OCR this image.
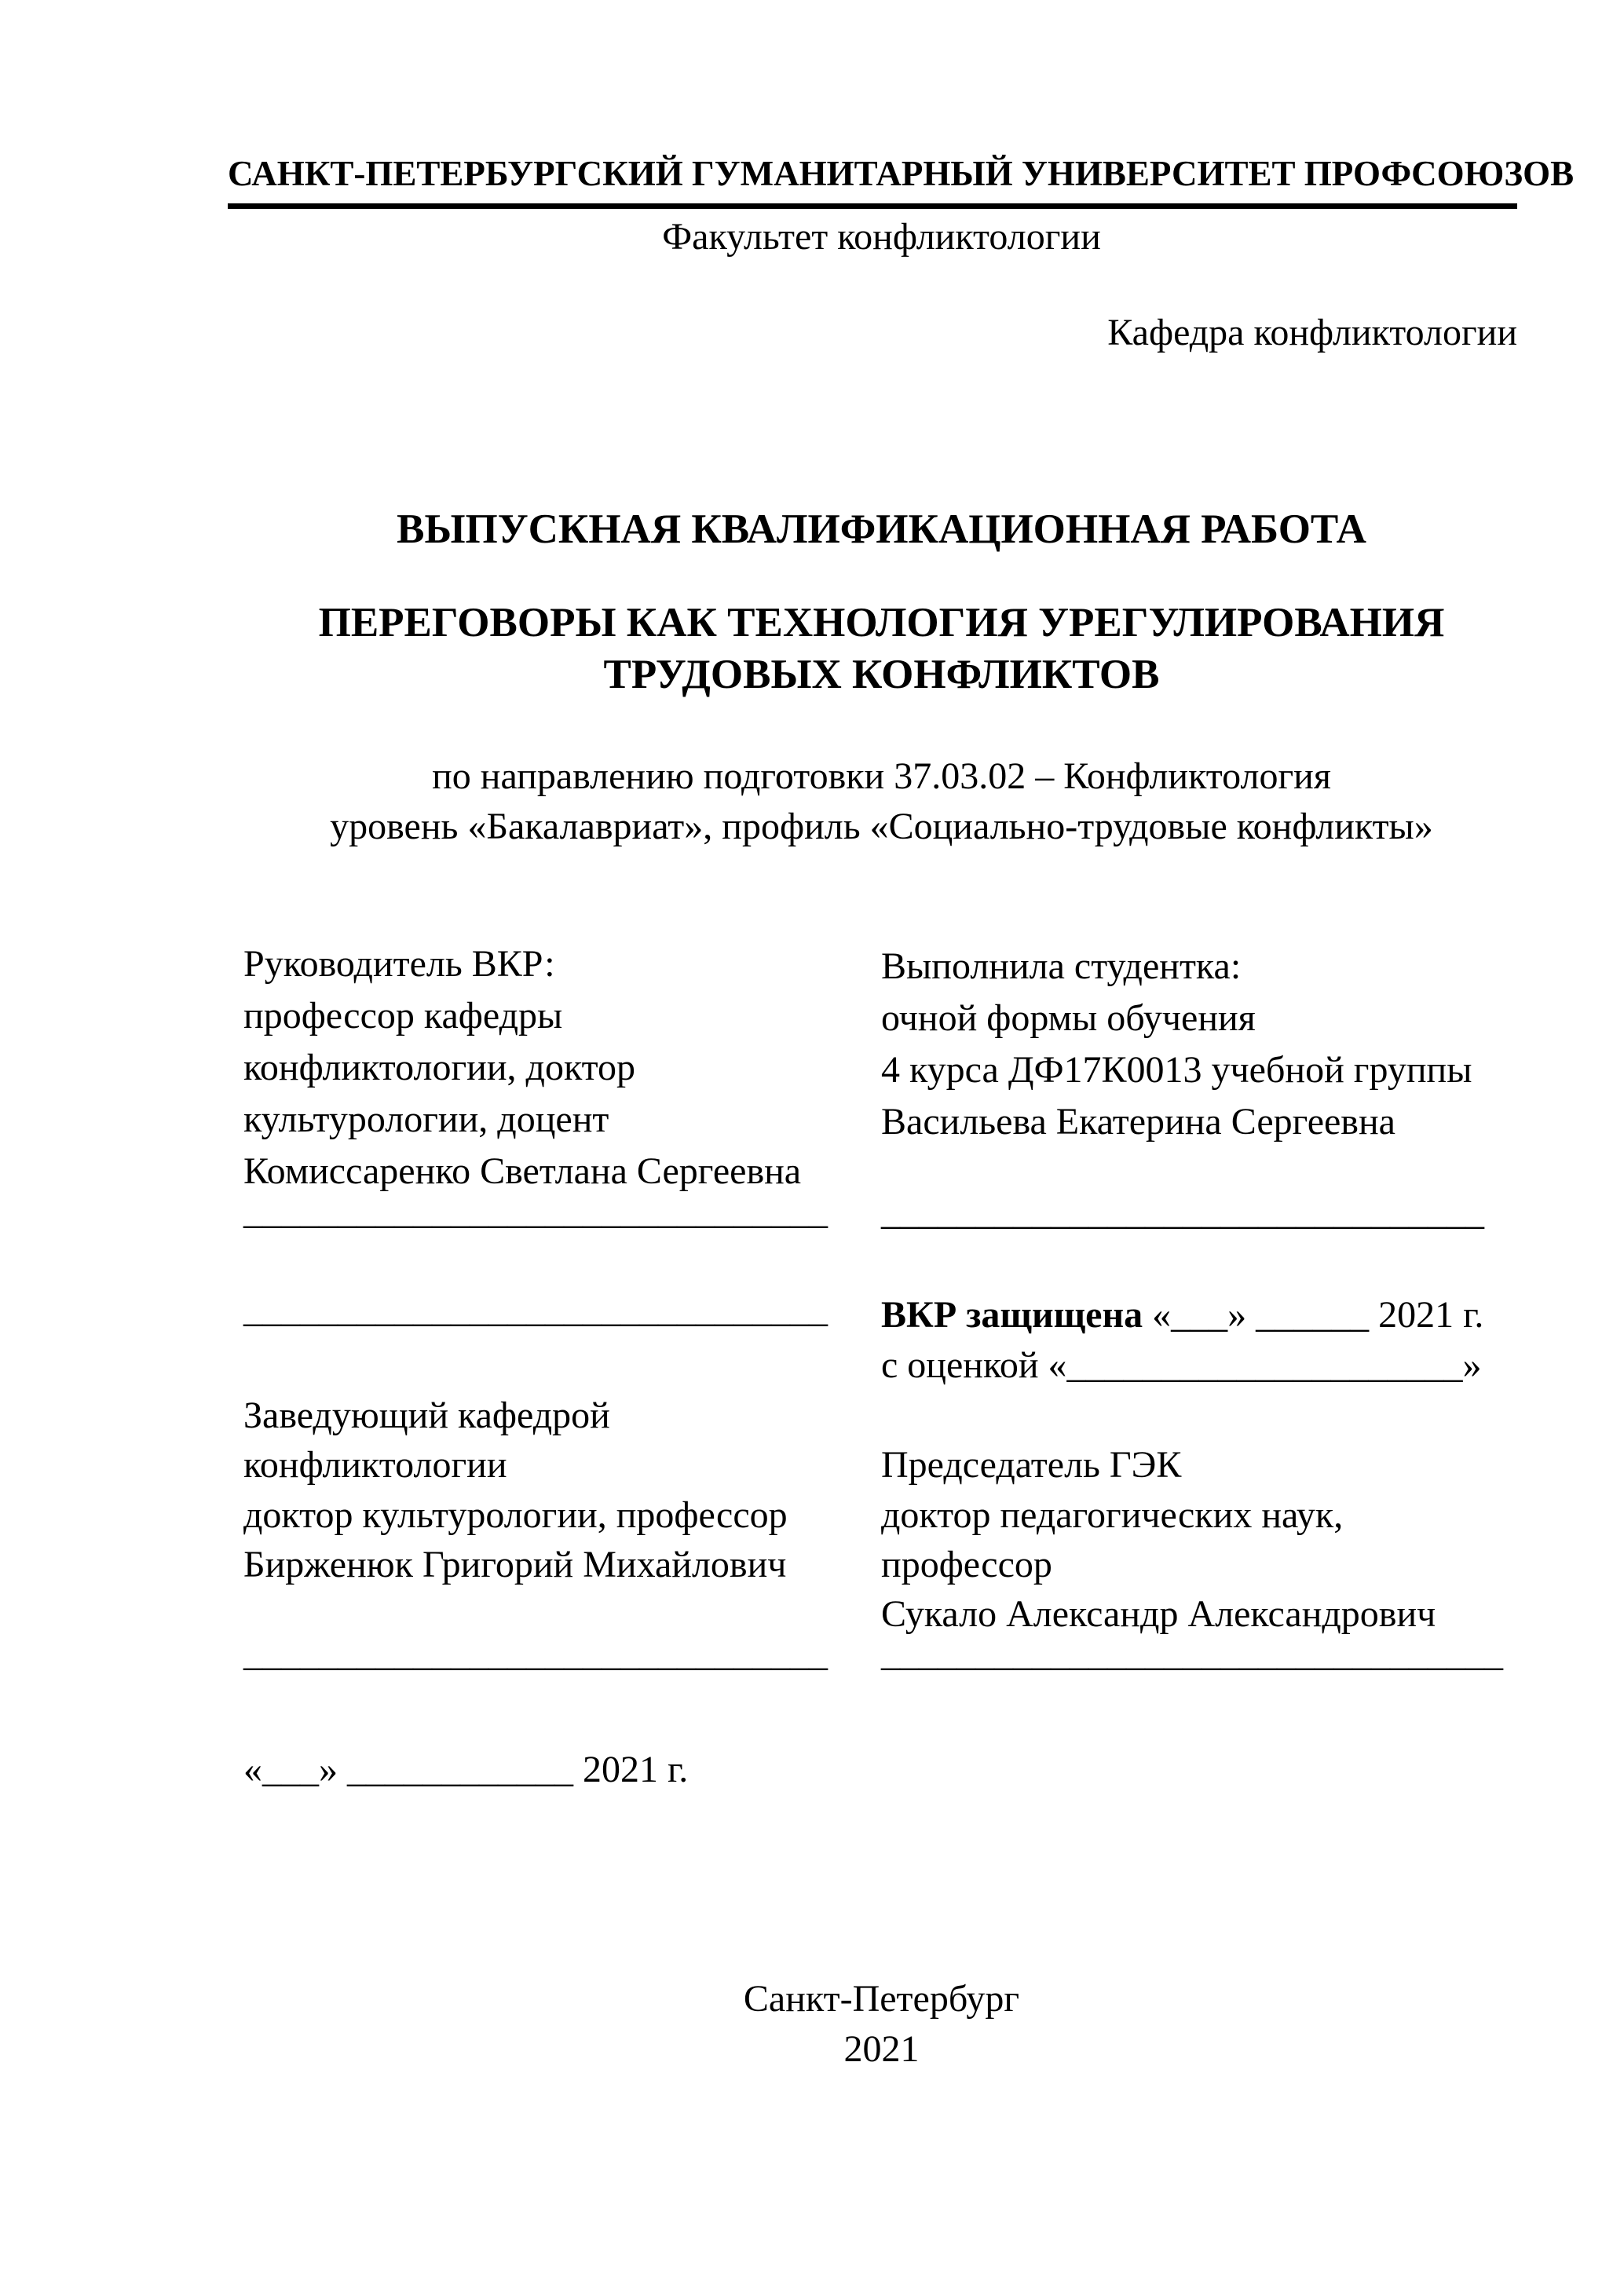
САНКТ-ПЕТЕРБУРГСКИЙ ГУМАНИТАРНЫЙ УНИВЕРСИТЕТ ПРОФСОЮЗОВ
Факультет конфликтологии
Кафедра конфликтологии
ВЫПУСКНАЯ КВАЛИФИКАЦИОННАЯ РАБОТА
ПЕРЕГОВОРЫ КАК ТЕХНОЛОГИЯ УРЕГУЛИРОВАНИЯ
ТРУДОВЫХ КОНФЛИКТОВ
по направлению подготовки 37.03.02 – Конфликтология
уровень «Бакалавриат», профиль «Социально-трудовые конфликты»
Руководитель ВКР:
профессор кафедры
конфликтологии, доктор
культурологии, доцент
Комиссаренко Светлана Сергеевна
_______________________________
_______________________________
Выполнила студентка:
очной формы обучения
4 курса ДФ17К0013 учебной группы
Васильева Екатерина Сергеевна
________________________________
ВКР защищена «___» ______ 2021 г.
с оценкой «_____________________»
Заведующий кафедрой
конфликтологии
доктор культурологии, профессор
Бирженюк Григорий Михайлович
_______________________________
«___» ____________ 2021 г.
Председатель ГЭК
доктор педагогических наук,
профессор
Сукало Александр Александрович
_________________________________
Санкт-Петербург
2021
